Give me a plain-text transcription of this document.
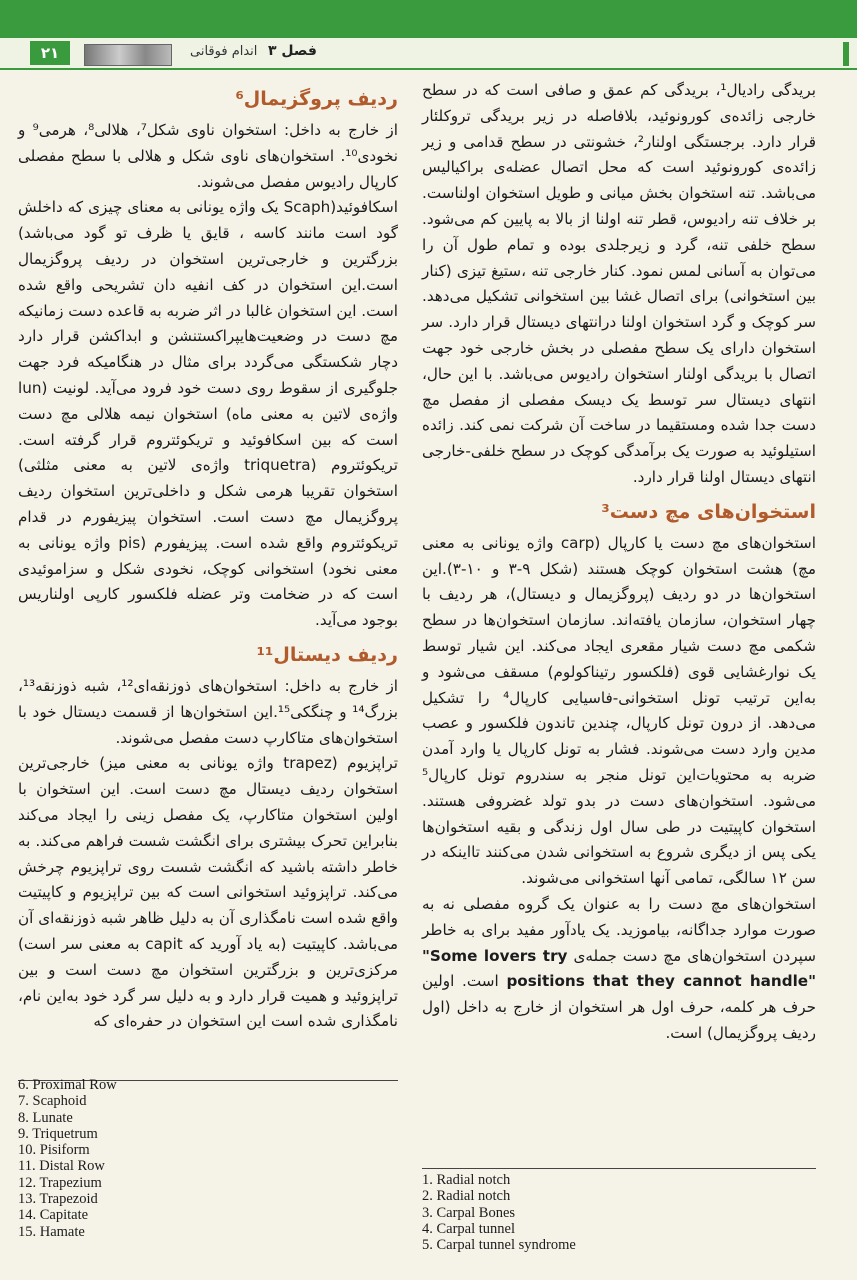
۲۱	اندام فوقانی فصل ۳

بریدگی رادیال¹، بریدگی کم عمق و صافی است که در سطح خارجی زائده‌ی کورونوئید، بلافاصله در زیر بریدگی تروکلئار قرار دارد. برجستگی اولنار²، خشونتی در سطح قدامی و زیر زائده‌ی کورونوئید است که محل اتصال عضله‌ی براکیالیس می‌باشد. تنه استخوان بخش میانی و طویل استخوان اولناست. بر خلاف تنه رادیوس، قطر تنه اولنا از بالا به پایین کم می‌شود. سطح خلفی تنه، گرد و زیرجلدی بوده و تمام طول آن را می‌توان به آسانی لمس نمود. کنار خارجی تنه ،ستیغ تیزی (کنار بین استخوانی) برای اتصال غشا بین استخوانی تشکیل می‌دهد. سر کوچک و گرد استخوان اولنا درانتهای دیستال قرار دارد. سر استخوان دارای یک سطح مفصلی در بخش خارجی خود جهت اتصال با بریدگی اولنار استخوان رادیوس می‌باشد. با این حال، انتهای دیستال سر توسط یک دیسک مفصلی از مفصل مچ دست جدا شده ومستقیما در ساخت آن شرکت نمی کند. زائده استیلوئید به صورت یک برآمدگی کوچک در سطح خلفی-خارجی انتهای دیستال اولنا قرار دارد.

استخوان‌های مچ دست³

استخوان‌های مچ دست یا کارپال (carp واژه یونانی به معنی مچ) هشت استخوان کوچک هستند (شکل ۹-۳ و ۱۰-۳).این استخوان‌ها در دو ردیف (پروگزیمال و دیستال)، هر ردیف با چهار استخوان، سازمان یافته‌اند. سازمان استخوان‌ها در سطح شکمی مچ دست شیار مقعری ایجاد می‌کند. این شیار توسط یک نوارغشایی قوی (فلکسور رتیناکولوم) مسقف می‌شود و به‌این ترتیب تونل استخوانی-فاسیایی کارپال⁴ را تشکیل می‌دهد. از درون تونل کارپال، چندین تاندون فلکسور و عصب مدین وارد دست می‌شوند. فشار به تونل کارپال یا وارد آمدن ضربه به محتویات‌این تونل منجر به سندروم تونل کارپال⁵ می‌شود. استخوان‌های دست در بدو تولد غضروفی هستند. استخوان کاپیتیت در طی سال اول زندگی و بقیه استخوان‌ها یکی پس از دیگری شروع به استخوانی شدن می‌کنند تااینکه در سن ۱۲ سالگی، تمامی آنها استخوانی می‌شوند.

استخوان‌های مچ دست را به عنوان یک گروه مفصلی نه به صورت موارد جداگانه، بیاموزید. یک یادآور مفید برای به خاطر سپردن استخوان‌های مچ دست جمله‌ی "Some lovers try positions that they cannot handle" است. اولین حرف هر کلمه، حرف اول هر استخوان از خارج به داخل (اول ردیف پروگزیمال) است.

ردیف پروگزیمال⁶

از خارج به داخل: استخوان ناوی شکل⁷، هلالی⁸، هرمی⁹ و نخودی¹⁰. استخوان‌های ناوی شکل و هلالی با سطح مفصلی کارپال رادیوس مفصل می‌شوند.

اسکافوئید(Scaph یک واژه یونانی به معنای چیزی که داخلش گود است مانند کاسه ، قایق یا ظرف تو گود می‌باشد) بزرگترین و خارجی‌ترین استخوان در ردیف پروگزیمال است.این استخوان در کف انفیه دان تشریحی واقع شده است. این استخوان غالبا در اثر ضربه به قاعده دست زمانیکه مچ دست در وضعیت‌هایپراکستنشن و ابداکشن قرار دارد دچار شکستگی می‌گردد برای مثال در هنگامیکه فرد جهت جلوگیری از سقوط روی دست خود فرود می‌آید. لونیت (lun واژه‌ی لاتین به معنی ماه) استخوان نیمه هلالی مچ دست است که بین اسکافوئید و تریکوئتروم قرار گرفته است. تریکوئتروم (triquetra واژه‌ی لاتین به معنی مثلثی) استخوان تقریبا هرمی شکل و داخلی‌ترین استخوان ردیف پروگزیمال مچ دست است. استخوان پیزیفورم در قدام تریکوئتروم واقع شده است. پیزیفورم (pis واژه یونانی به معنی نخود) استخوانی کوچک، نخودی شکل و سزاموئیدی است که در ضخامت وتر عضله فلکسور کارپی اولناریس بوجود می‌آید.

ردیف دیستال¹¹

از خارج به داخل: استخوان‌های ذوزنقه‌ای¹²، شبه ذوزنقه¹³، بزرگ¹⁴ و چنگکی¹⁵.این استخوان‌ها از قسمت دیستال خود با استخوان‌های متاکارپ دست مفصل می‌شوند.

تراپزیوم (trapez واژه یونانی به معنی میز) خارجی‌ترین استخوان ردیف دیستال مچ دست است. این استخوان با اولین استخوان متاکارپ، یک مفصل زینی را ایجاد می‌کند بنابراین تحرک بیشتری برای انگشت شست فراهم می‌کند. به خاطر داشته باشید که انگشت شست روی تراپزیوم چرخش می‌کند. تراپزوئید استخوانی است که بین تراپزیوم و کاپیتیت واقع شده است نامگذاری آن به دلیل ظاهر شبه ذوزنقه‌ای آن می‌باشد. کاپیتیت (به یاد آورید که capit به معنی سر است) مرکزی‌ترین و بزرگترین استخوان مچ دست است و بین تراپزوئید و همیت قرار دارد و به دلیل سر گرد خود به‌این نام، نامگذاری شده است این استخوان در حفره‌ای که

6. Proximal Row
7. Scaphoid
8. Lunate
9. Triquetrum
10. Pisiform
11. Distal Row
12. Trapezium
13. Trapezoid
14. Capitate
15. Hamate
1. Radial notch
2. Radial notch
3. Carpal Bones
4. Carpal tunnel
5. Carpal tunnel syndrome
